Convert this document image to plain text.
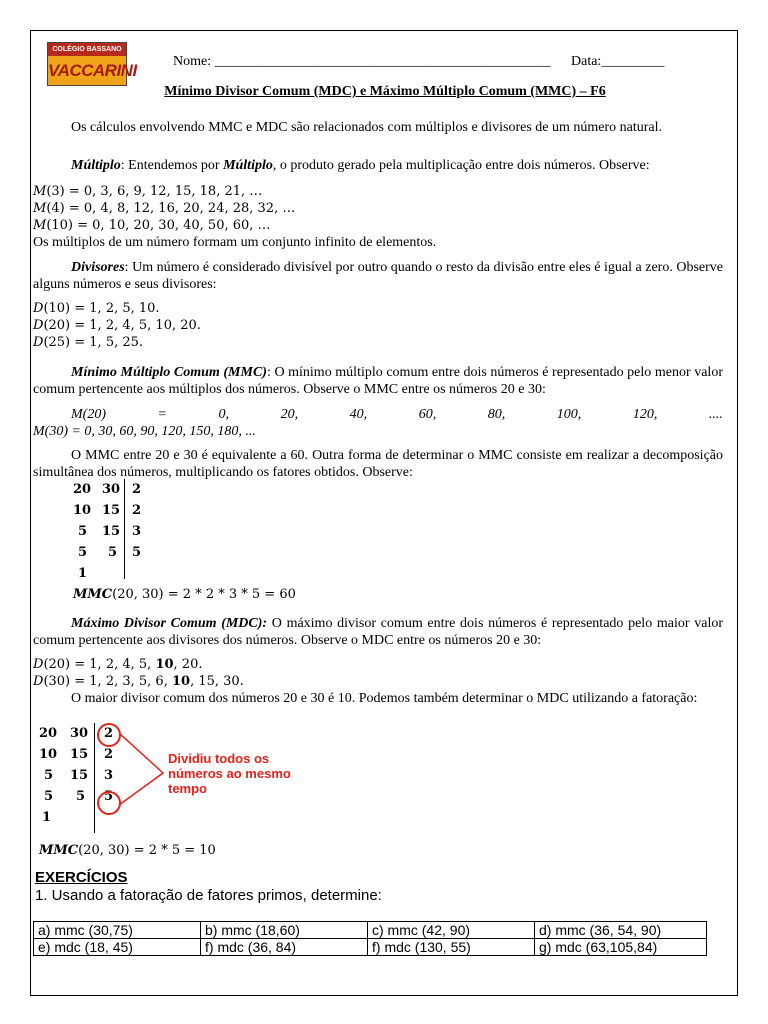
COLÉGIO BASSANO
VACCARINI	Nome: ________________________________________________ Data:_________
Mínimo Divisor Comum (MDC) e Máximo Múltiplo Comum (MMC) – F6
Os cálculos envolvendo MMC e MDC são relacionados com múltiplos e divisores de um número natural.
Múltiplo: Entendemos por Múltiplo, o produto gerado pela multiplicação entre dois números. Observe:
M(3) = 0, 3, 6, 9, 12, 15, 18, 21, …
M(4) = 0, 4, 8, 12, 16, 20, 24, 28, 32, …
M(10) = 0, 10, 20, 30, 40, 50, 60, …
Os múltiplos de um número formam um conjunto infinito de elementos.
Divisores: Um número é considerado divisível por outro quando o resto da divisão entre eles é igual a zero. Observe alguns números e seus divisores:
D(10) = 1, 2, 5, 10.
D(20) = 1, 2, 4, 5, 10, 20.
D(25) = 1, 5, 25.
Mínimo Múltiplo Comum (MMC): O mínimo múltiplo comum entre dois números é representado pelo menor valor comum pertencente aos múltiplos dos números. Observe o MMC entre os números 20 e 30:
M(20)	=	0,	20,	40,	60,	80,	100,	120,	....
M(30) = 0, 30, 60, 90, 120, 150, 180, ...
O MMC entre 20 e 30 é equivalente a 60. Outra forma de determinar o MMC consiste em realizar a decomposição simultânea dos números, multiplicando os fatores obtidos. Observe:
20	30	2
10	15	2
5	15	3
5	5	5
1		
MMC(20, 30) = 2 * 2 * 3 * 5 = 60
Máximo Divisor Comum (MDC): O máximo divisor comum entre dois números é representado pelo maior valor comum pertencente aos divisores dos números. Observe o MDC entre os números 20 e 30:
D(20) = 1, 2, 4, 5, 10, 20.
D(30) = 1, 2, 3, 5, 6, 10, 15, 30.
O maior divisor comum dos números 20 e 30 é 10. Podemos também determinar o MDC utilizando a fatoração:
20	30	2
10	15	2
5	15	3
5	5	5
1		
Dividiu todos os
números ao mesmo
tempo
MMC(20, 30) = 2 * 5 = 10
EXERCÍCIOS
1. Usando a fatoração de fatores primos, determine:
a) mmc (30,75)	b) mmc (18,60)	c) mmc (42, 90)	d) mmc (36, 54, 90)
e) mdc (18, 45)	f) mdc (36, 84)	f) mdc (130, 55)	g) mdc (63,105,84)
